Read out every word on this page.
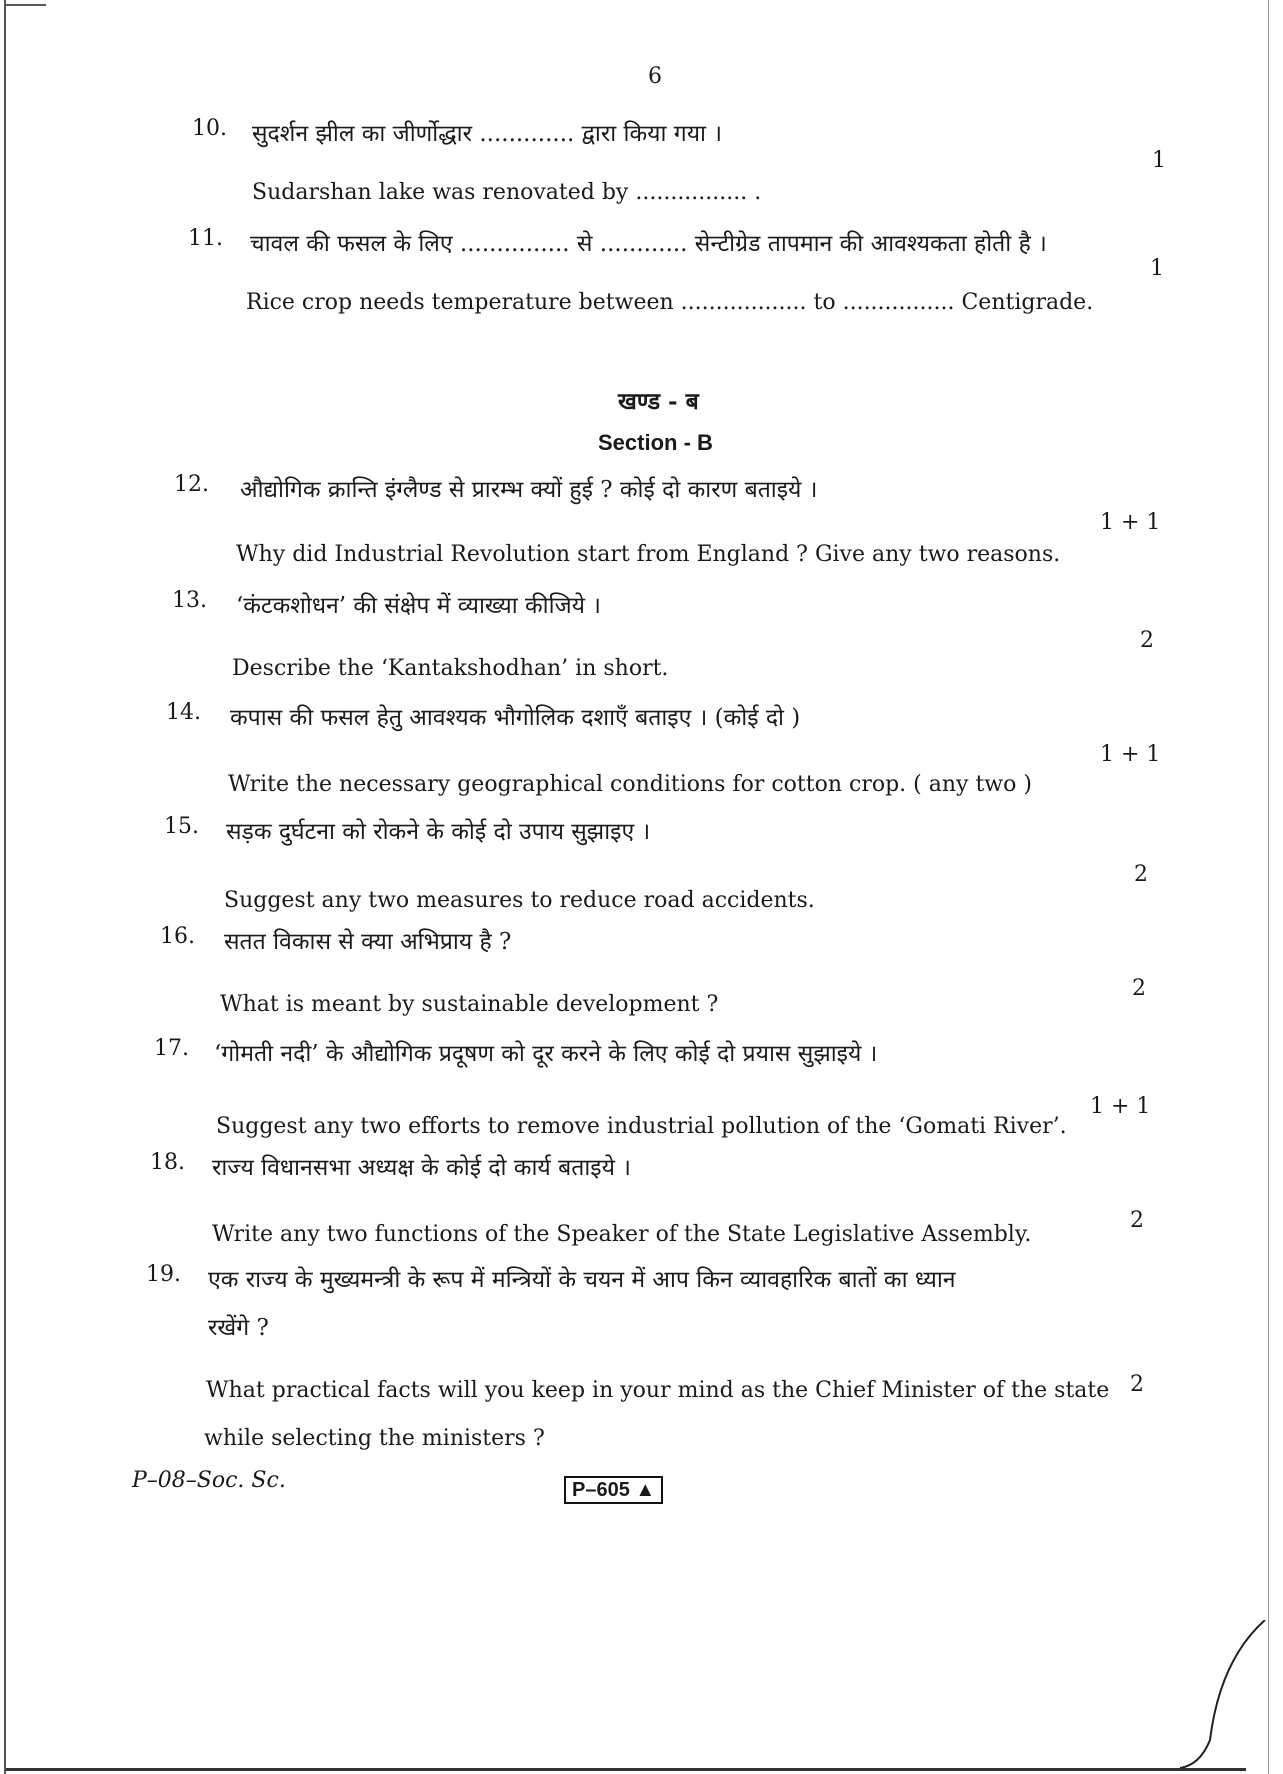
6
10. सुदर्शन झील का जीर्णोद्धार ............. द्वारा किया गया ।
1
Sudarshan lake was renovated by ................ .
11. चावल की फसल के लिए ............... से ............ सेन्टीग्रेड तापमान की आवश्यकता होती है ।
1
Rice crop needs temperature between .................. to ................ Centigrade.
खण्ड - ब
Section - B
12. औद्योगिक क्रान्ति इंग्लैण्ड से प्रारम्भ क्यों हुई ? कोई दो कारण बताइये ।
1 + 1
Why did Industrial Revolution start from England ? Give any two reasons.
13. ‘कंटकशोधन’ की संक्षेप में व्याख्या कीजिये ।
2
Describe the ‘Kantakshodhan’ in short.
14. कपास की फसल हेतु आवश्यक भौगोलिक दशाएँ बताइए । (कोई दो )
1 + 1
Write the necessary geographical conditions for cotton crop. ( any two )
15. सड़क दुर्घटना को रोकने के कोई दो उपाय सुझाइए ।
2
Suggest any two measures to reduce road accidents.
16. सतत विकास से क्या अभिप्राय है ?
2
What is meant by sustainable development ?
17. ‘गोमती नदी’ के औद्योगिक प्रदूषण को दूर करने के लिए कोई दो प्रयास सुझाइये ।
1 + 1
Suggest any two efforts to remove industrial pollution of the ‘Gomati River’.
18. राज्य विधानसभा अध्यक्ष के कोई दो कार्य बताइये ।
2
Write any two functions of the Speaker of the State Legislative Assembly.
19. एक राज्य के मुख्यमन्त्री के रूप में मन्त्रियों के चयन में आप किन व्यावहारिक बातों का ध्यान
रखेंगे ?
2
What practical facts will you keep in your mind as the Chief Minister of the state
while selecting the ministers ?
P–08–Soc. Sc.	P–605 ▲
